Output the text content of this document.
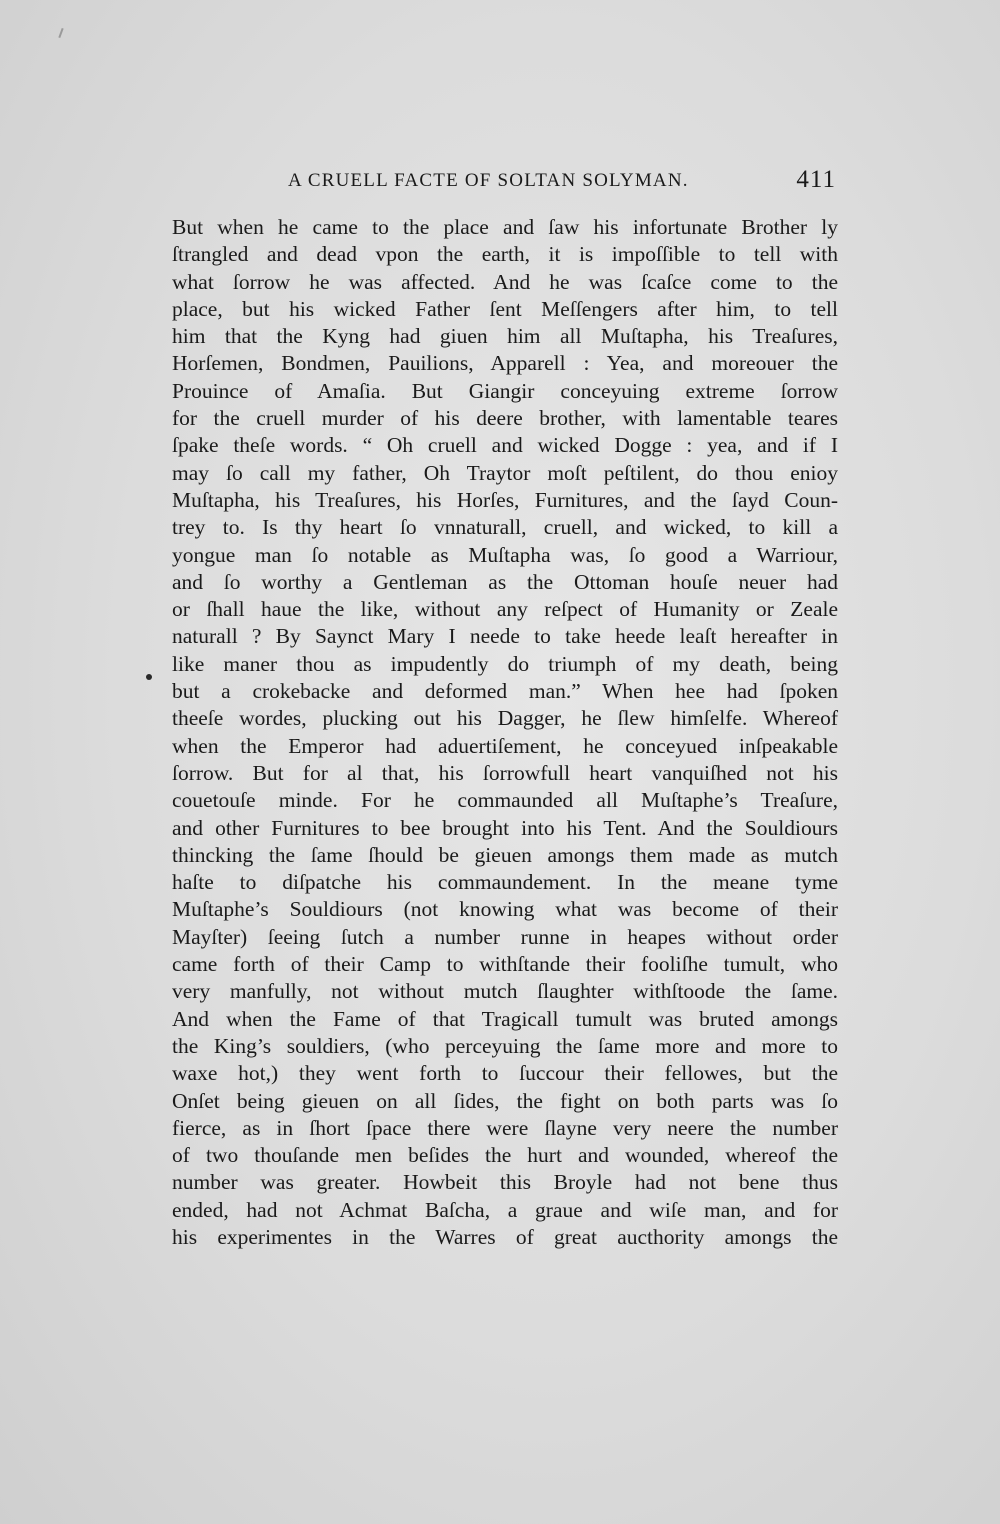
A CRUELL FACTE OF SOLTAN SOLYMAN.	411
But when he came to the place and ſaw his infortunate Brother ly
ſtrangled and dead vpon the earth, it is impoſſible to tell with
what ſorrow he was affected. And he was ſcaſce come to the
place, but his wicked Father ſent Meſſengers after him, to tell
him that the Kyng had giuen him all Muſtapha, his Treaſures,
Horſemen, Bondmen, Pauilions, Apparell : Yea, and moreouer the
Prouince of Amaſia. But Giangir conceyuing extreme ſorrow
for the cruell murder of his deere brother, with lamentable teares
ſpake theſe words. “ Oh cruell and wicked Dogge : yea, and if I
may ſo call my father, Oh Traytor moſt peſtilent, do thou enioy
Muſtapha, his Treaſures, his Horſes, Furnitures, and the ſayd Coun-
trey to. Is thy heart ſo vnnaturall, cruell, and wicked, to kill a
yongue man ſo notable as Muſtapha was, ſo good a Warriour,
and ſo worthy a Gentleman as the Ottoman houſe neuer had
or ſhall haue the like, without any reſpect of Humanity or Zeale
naturall ? By Saynct Mary I neede to take heede leaſt hereafter in
like maner thou as impudently do triumph of my death, being
but a crokebacke and deformed man.” When hee had ſpoken
theeſe wordes, plucking out his Dagger, he ſlew himſelfe. Whereof
when the Emperor had aduertiſement, he conceyued inſpeakable
ſorrow. But for al that, his ſorrowfull heart vanquiſhed not his
couetouſe minde. For he commaunded all Muſtaphe’s Treaſure,
and other Furnitures to bee brought into his Tent. And the Souldiours
thincking the ſame ſhould be gieuen amongs them made as mutch
haſte to diſpatche his commaundement. In the meane tyme
Muſtaphe’s Souldiours (not knowing what was become of their
Mayſter) ſeeing ſutch a number runne in heapes without order
came forth of their Camp to withſtande their fooliſhe tumult, who
very manfully, not without mutch ſlaughter withſtoode the ſame.
And when the Fame of that Tragicall tumult was bruted amongs
the King’s souldiers, (who perceyuing the ſame more and more to
waxe hot,) they went forth to ſuccour their fellowes, but the
Onſet being gieuen on all ſides, the fight on both parts was ſo
fierce, as in ſhort ſpace there were ſlayne very neere the number
of two thouſande men beſides the hurt and wounded, whereof the
number was greater. Howbeit this Broyle had not bene thus
ended, had not Achmat Baſcha, a graue and wiſe man, and for
his experimentes in the Warres of great aucthority amongs the
